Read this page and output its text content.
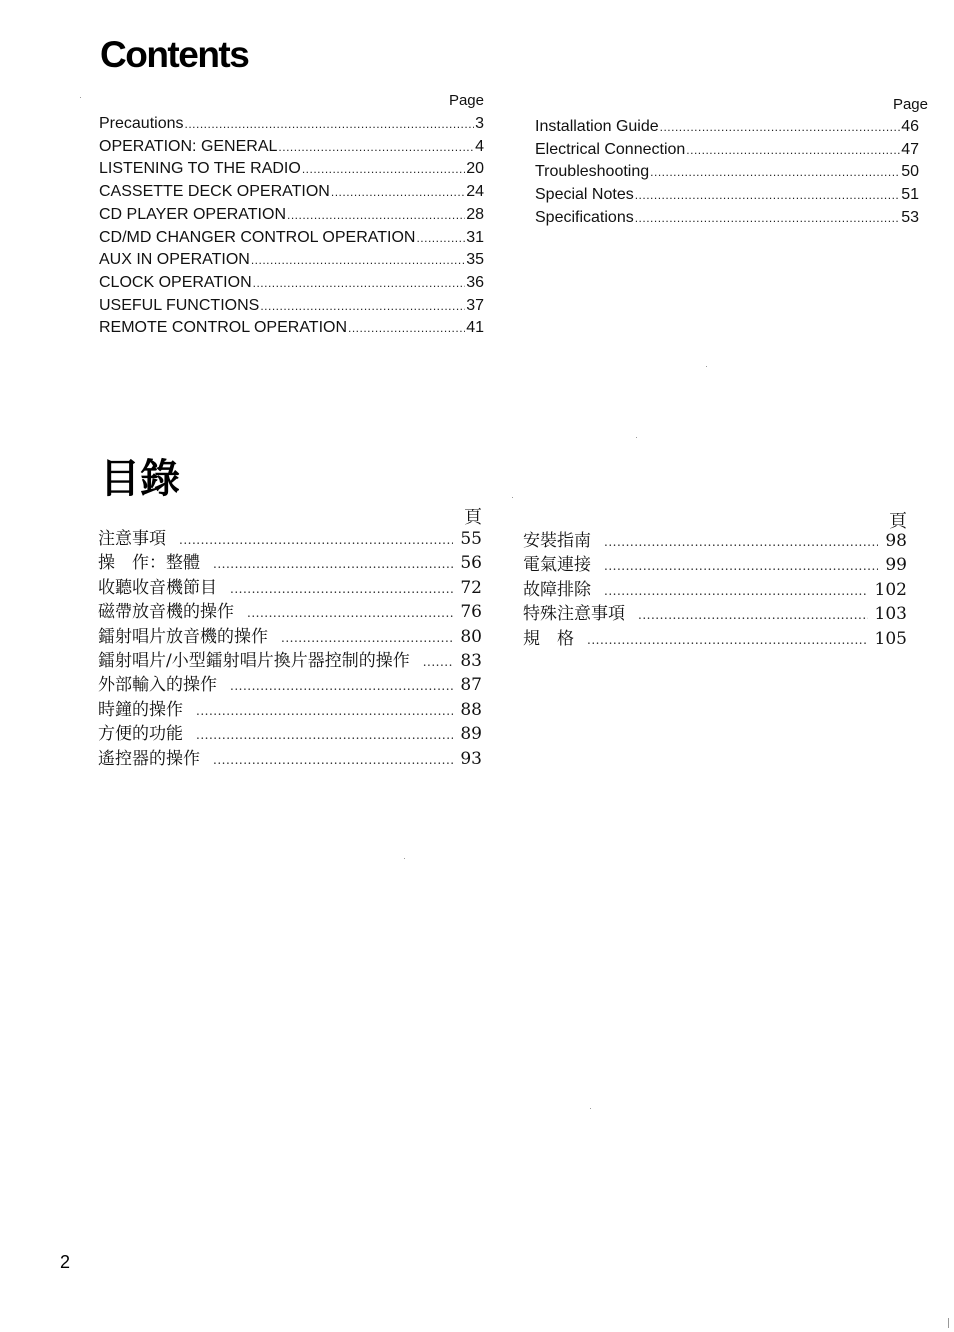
Contents
Page
Precautions .....	3
OPERATION: GENERAL .....	4
LISTENING TO THE RADIO .....	20
CASSETTE DECK OPERATION .....	24
CD PLAYER OPERATION .....	28
CD/MD CHANGER CONTROL OPERATION .....	31
AUX IN OPERATION .....	35
CLOCK OPERATION .....	36
USEFUL FUNCTIONS .....	37
REMOTE CONTROL OPERATION .....	41
Page
Installation Guide .....	46
Electrical Connection .....	47
Troubleshooting .....	50
Special Notes .....	51
Specifications .....	53
目錄
頁
注意事項 .....	55
操　作：整體 .....	56
收聽收音機節目 .....	72
磁帶放音機的操作 .....	76
鐳射唱片放音機的操作 .....	80
鐳射唱片/小型鐳射唱片換片器控制的操作 .....	83
外部輸入的操作 .....	87
時鐘的操作 .....	88
方便的功能 .....	89
遙控器的操作 .....	93
頁
安裝指南 .....	98
電氣連接 .....	99
故障排除 .....	102
特殊注意事項 .....	103
規　格 .....	105

2
